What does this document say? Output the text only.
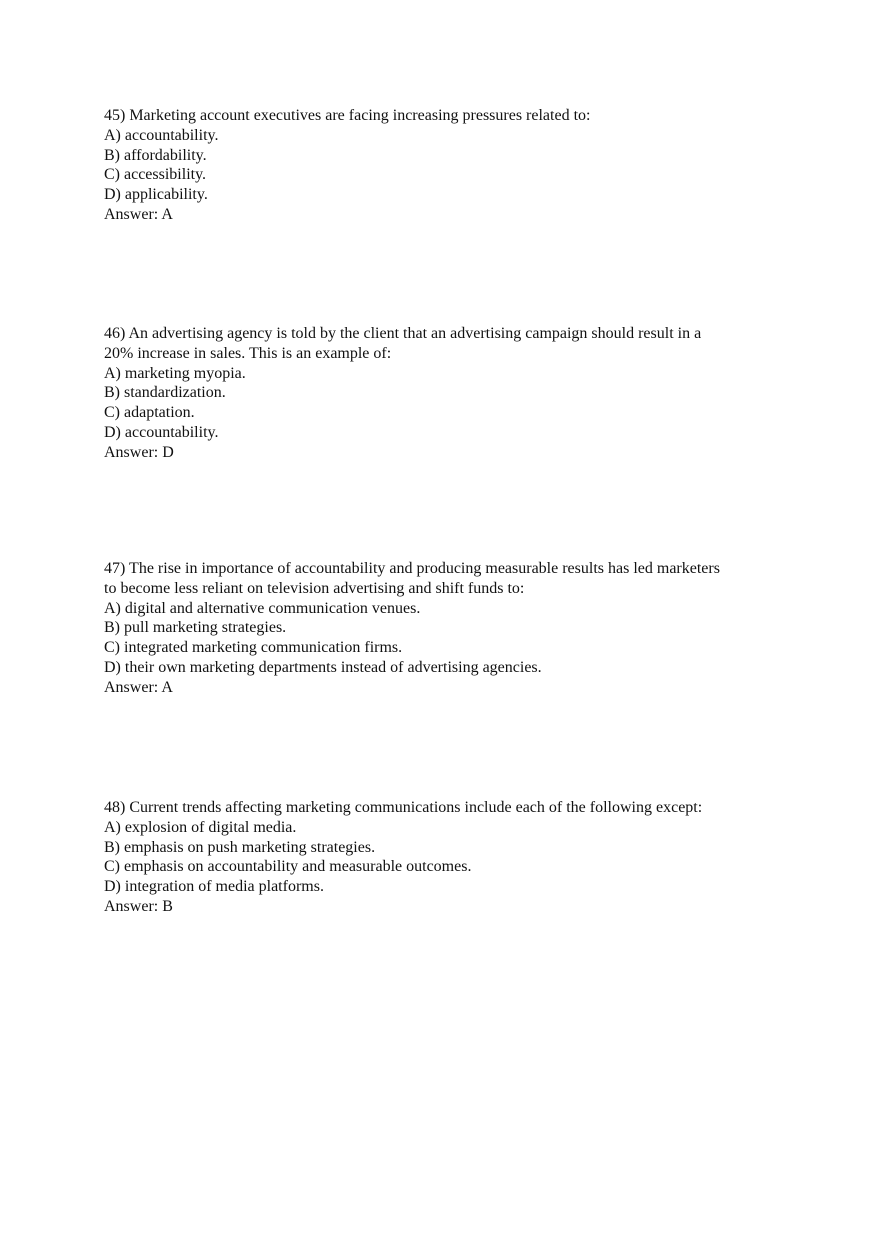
45) Marketing account executives are facing increasing pressures related to:
A) accountability.
B) affordability.
C) accessibility.
D) applicability.
Answer: A
46) An advertising agency is told by the client that an advertising campaign should result in a
20% increase in sales. This is an example of:
A) marketing myopia.
B) standardization.
C) adaptation.
D) accountability.
Answer: D
47) The rise in importance of accountability and producing measurable results has led marketers
to become less reliant on television advertising and shift funds to:
A) digital and alternative communication venues.
B) pull marketing strategies.
C) integrated marketing communication firms.
D) their own marketing departments instead of advertising agencies.
Answer: A
48) Current trends affecting marketing communications include each of the following except:
A) explosion of digital media.
B) emphasis on push marketing strategies.
C) emphasis on accountability and measurable outcomes.
D) integration of media platforms.
Answer: B
